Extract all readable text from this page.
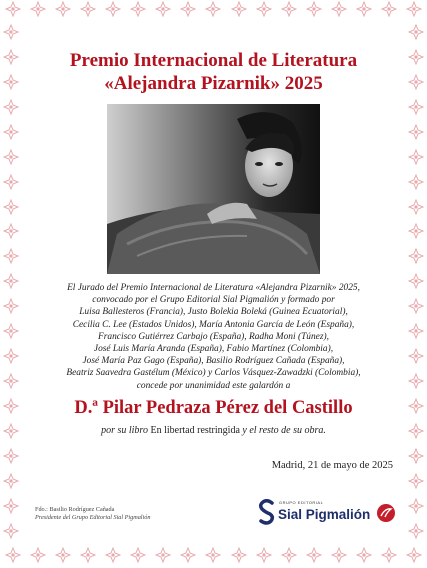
Premio Internacional de Literatura
«Alejandra Pizarnik» 2025
El Jurado del Premio Internacional de Literatura «Alejandra Pizarnik» 2025,
convocado por el Grupo Editorial Sial Pigmalión y formado por
Luisa Ballesteros (Francia), Justo Bolekia Boleká (Guinea Ecuatorial),
Cecilia C. Lee (Estados Unidos), María Antonia García de León (España),
Francisco Gutiérrez Carbajo (España), Radha Moni (Túnez),
José Luis María Aranda (España), Fabio Martínez (Colombia),
José María Paz Gago (España), Basilio Rodríguez Cañada (España),
Beatriz Saavedra Gastélum (México) y Carlos Vásquez-Zawadzki (Colombia),
concede por unanimidad este galardón a
D.ª Pilar Pedraza Pérez del Castillo
por su libro En libertad restringida y el resto de su obra.
Madrid, 21 de mayo de 2025
Fdo.: Basilio Rodríguez Cañada
Presidente del Grupo Editorial Sial Pigmalión
GRUPO EDITORIAL
Sial Pigmalión
